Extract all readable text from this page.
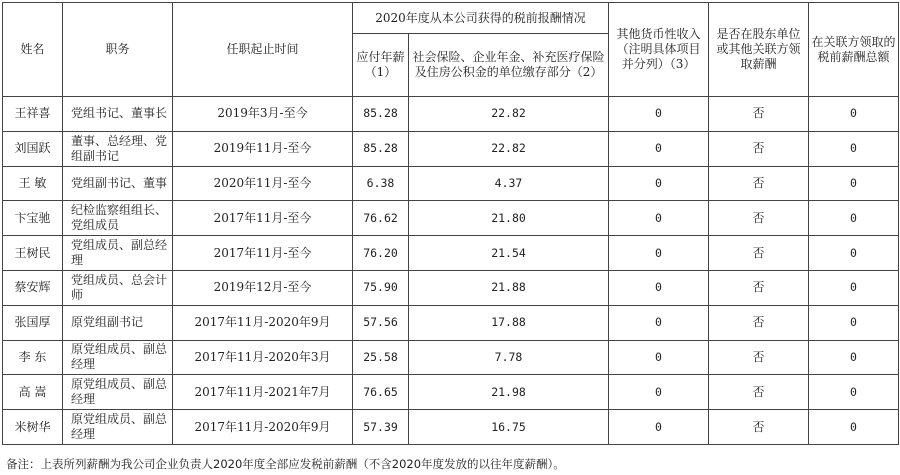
姓名	职务	任职起止时间	2020年度从本公司获得的税前报酬情况		其他货币性收入（注明具体项目并分列）（3）	是否在股东单位或其他关联方领取薪酬	在关联方领取的税前薪酬总额
			应付年薪（1）	社会保险、企业年金、补充医疗保险及住房公积金的单位缴存部分（2）			
王祥喜	党组书记、董事长	2019年3月-至今	85.28	22.82	0	否	0
刘国跃	董事、总经理、党组副书记	2019年11月-至今	85.28	22.82	0	否	0
王 敏	党组副书记、董事	2020年11月-至今	6.38	4.37	0	否	0
卞宝驰	纪检监察组组长、党组成员	2017年11月-至今	76.62	21.80	0	否	0
王树民	党组成员、副总经理	2017年11月-至今	76.20	21.54	0	否	0
蔡安辉	党组成员、总会计师	2019年12月-至今	75.90	21.88	0	否	0
张国厚	原党组副书记	2017年11月-2020年9月	57.56	17.88	0	否	0
李 东	原党组成员、副总经理	2017年11月-2020年3月	25.58	7.78	0	否	0
高 嵩	原党组成员、副总经理	2017年11月-2021年7月	76.65	21.98	0	否	0
米树华	原党组成员、副总经理	2017年11月-2020年9月	57.39	16.75	0	否	0
备注：上表所列薪酬为我公司企业负责人2020年度全部应发税前薪酬（不含2020年度发放的以往年度薪酬）。
